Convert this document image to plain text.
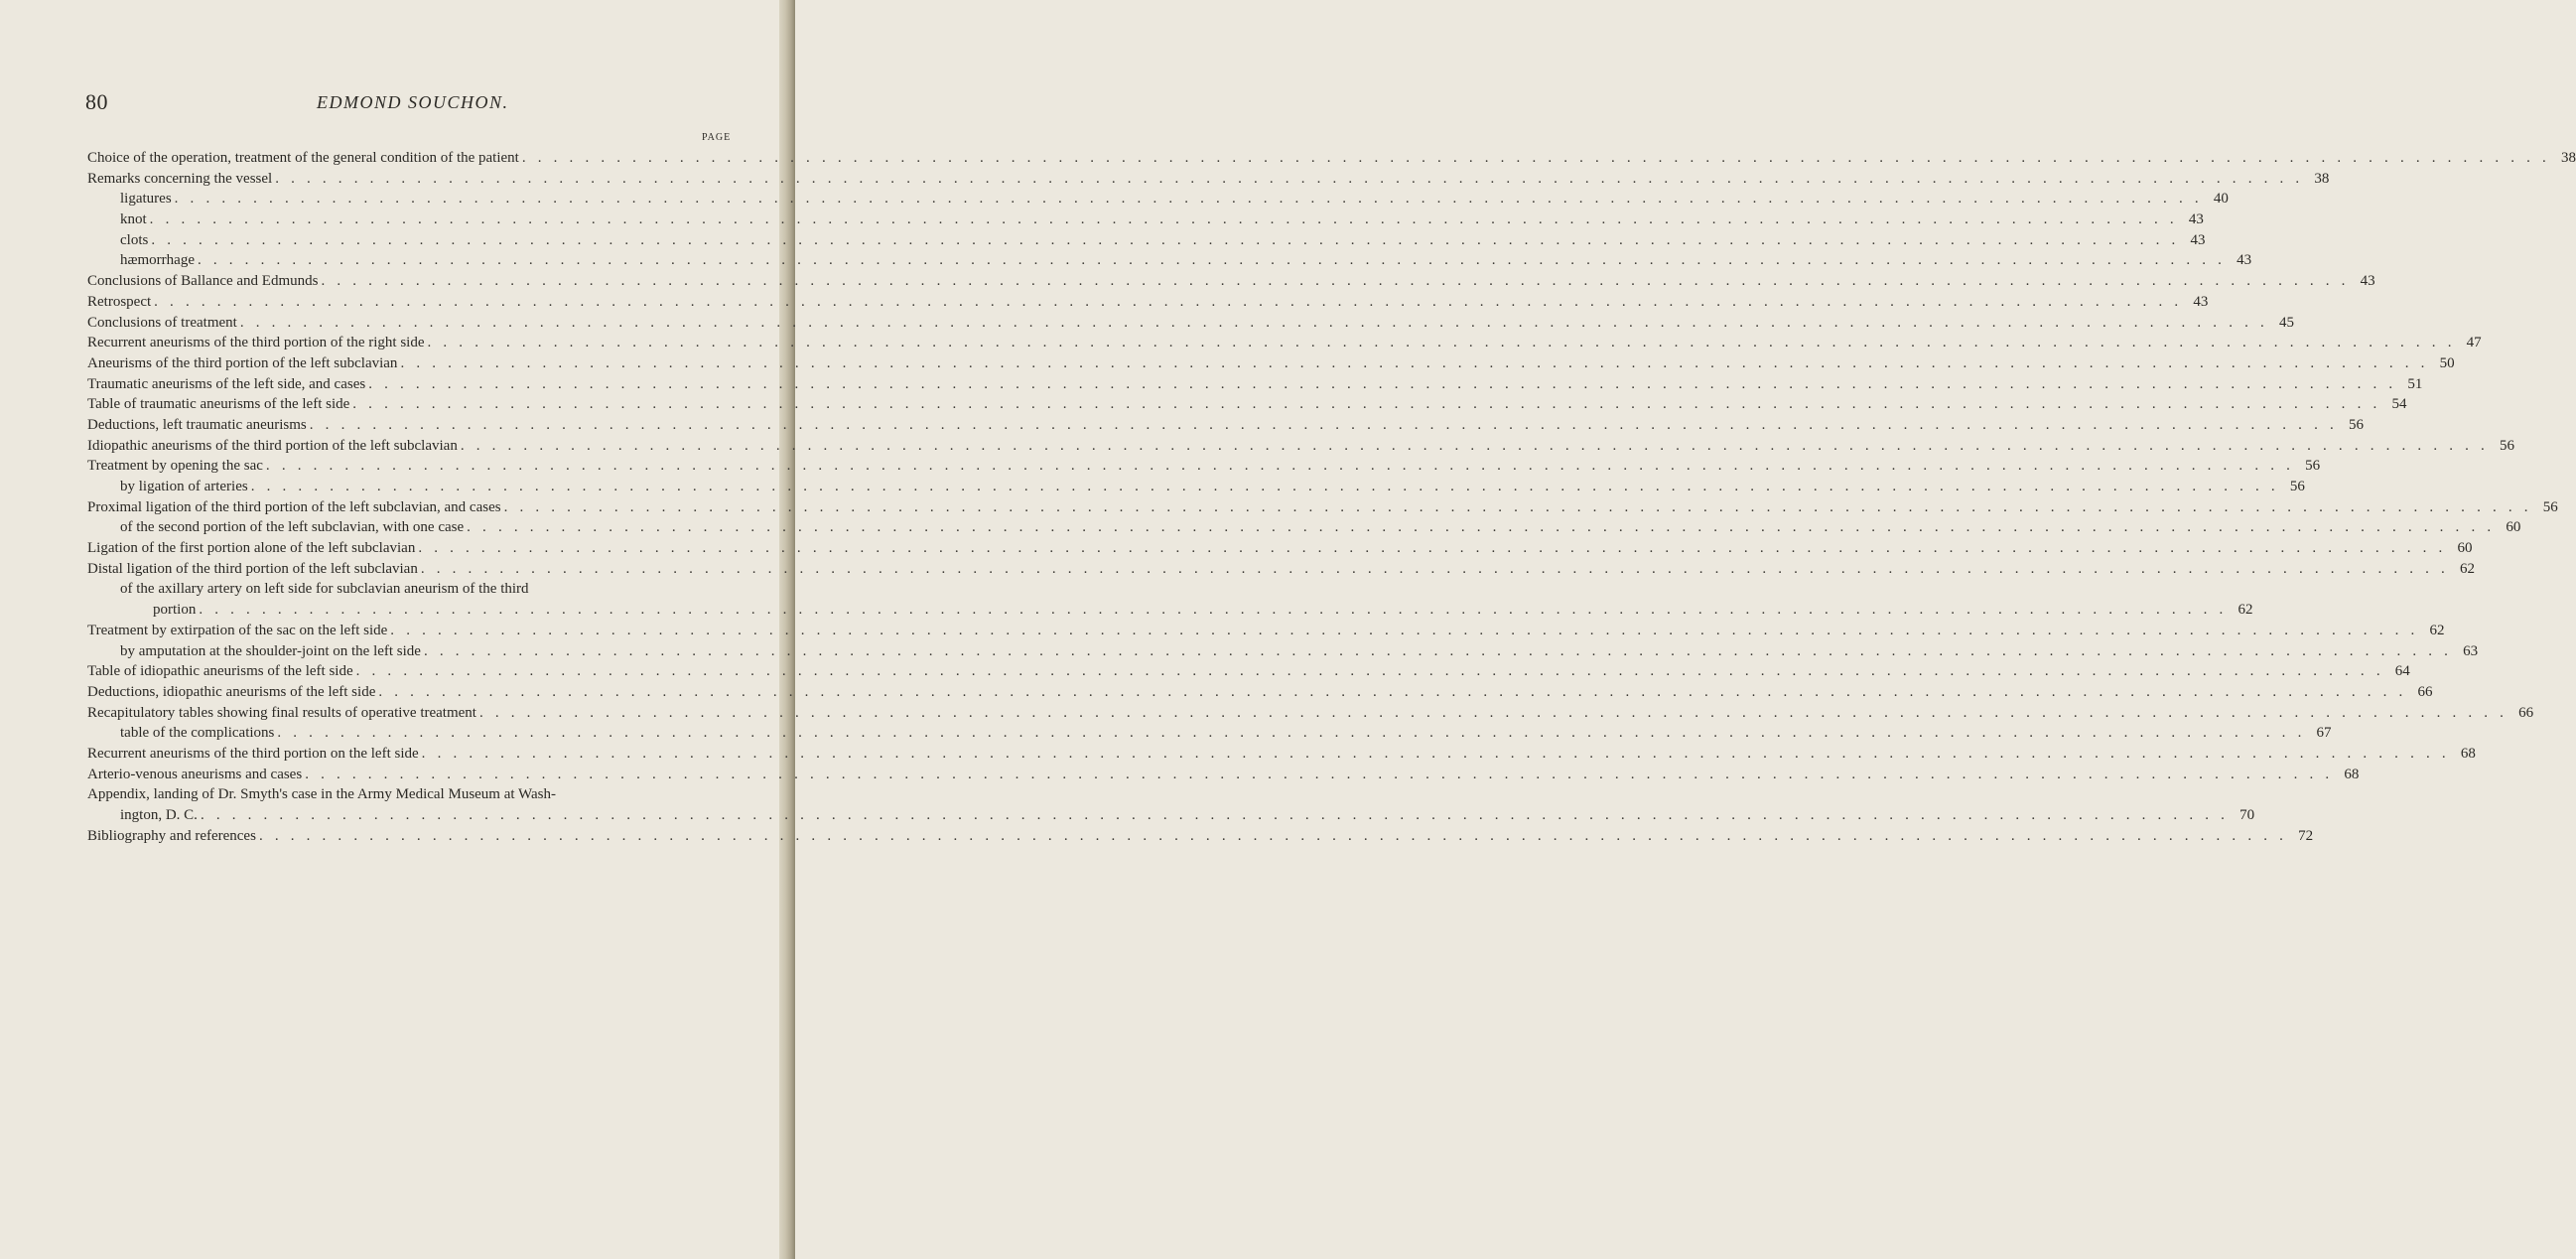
80	EDMOND SOUCHON.
PAGE
Choice of the operation, treatment of the general condition of the patient . . .	38
Remarks concerning the vessel . . .	38
ligatures . . .	40
knot . . .	43
clots . . .	43
hæmorrhage . . .	43
Conclusions of Ballance and Edmunds . . .	43
Retrospect . . .	43
Conclusions of treatment . . .	45
Recurrent aneurisms of the third portion of the right side . . .	47
Aneurisms of the third portion of the left subclavian . . .	50
Traumatic aneurisms of the left side, and cases . . .	51
Table of traumatic aneurisms of the left side . . .	54
Deductions, left traumatic aneurisms . . .	56
Idiopathic aneurisms of the third portion of the left subclavian . . .	56
Treatment by opening the sac . . .	56
by ligation of arteries . . .	56
Proximal ligation of the third portion of the left subclavian, and cases . . .	56
of the second portion of the left subclavian, with one case . . .	60
Ligation of the first portion alone of the left subclavian . . .	60
Distal ligation of the third portion of the left subclavian . . .	62
of the axillary artery on left side for subclavian aneurism of the third
portion . . .	62
Treatment by extirpation of the sac on the left side . . .	62
by amputation at the shoulder-joint on the left side . . .	63
Table of idiopathic aneurisms of the left side . . .	64
Deductions, idiopathic aneurisms of the left side . . .	66
Recapitulatory tables showing final results of operative treatment . . .	66
table of the complications . . .	67
Recurrent aneurisms of the third portion on the left side . . .	68
Arterio-venous aneurisms and cases . . .	68
Appendix, landing of Dr. Smyth's case in the Army Medical Museum at Wash-
ington, D. C. . . .	70
Bibliography and references . . .	72
